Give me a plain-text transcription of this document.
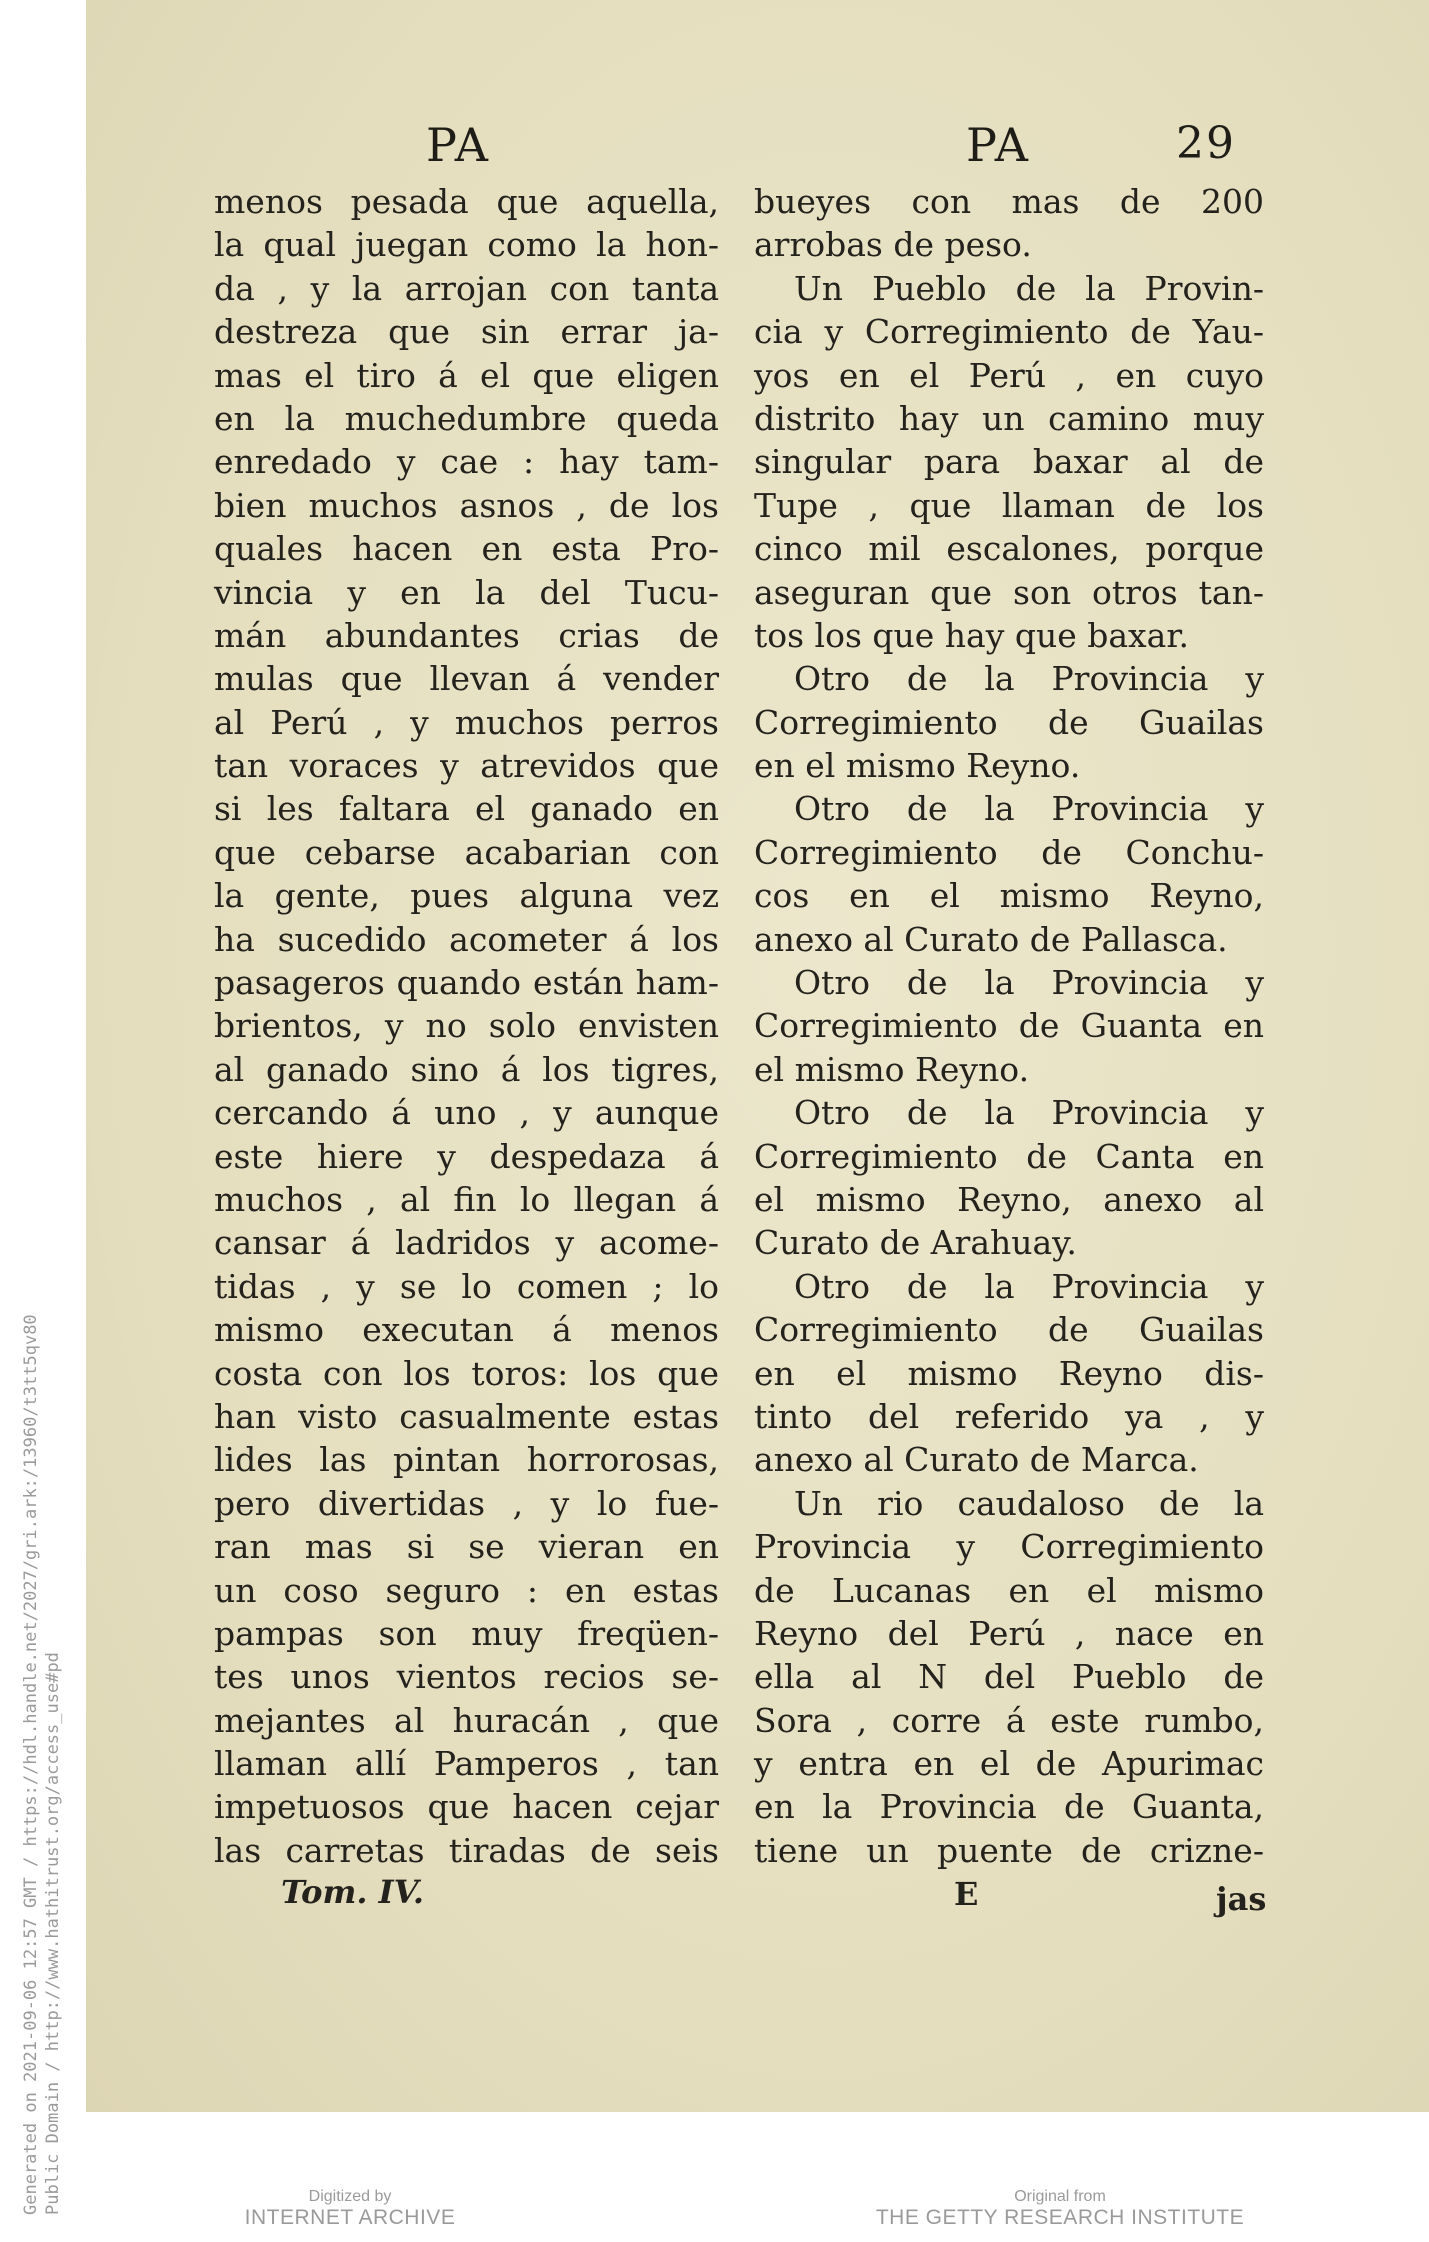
PA	PA	29
menos pesada que aquella,
la qual juegan como la hon-
da , y la arrojan con tanta
destreza que sin errar ja-
mas el tiro á el que eligen
en la muchedumbre queda
enredado y cae : hay tam-
bien muchos asnos , de los
quales hacen en esta Pro-
vincia y en la del Tucu-
mán abundantes crias de
mulas que llevan á vender
al Perú , y muchos perros
tan voraces y atrevidos que
si les faltara el ganado en
que cebarse acabarian con
la gente, pues alguna vez
ha sucedido acometer á los
pasageros quando están ham-
brientos, y no solo envisten
al ganado sino á los tigres,
cercando á uno , y aunque
este hiere y despedaza á
muchos , al fin lo llegan á
cansar á ladridos y acome-
tidas , y se lo comen ; lo
mismo executan á menos
costa con los toros: los que
han visto casualmente estas
lides las pintan horrorosas,
pero divertidas , y lo fue-
ran mas si se vieran en
un coso seguro : en estas
pampas son muy freqüen-
tes unos vientos recios se-
mejantes al huracán , que
llaman allí Pamperos , tan
impetuosos que hacen cejar
las carretas tiradas de seis
bueyes con mas de 200
arrobas de peso.
Un Pueblo de la Provin-
cia y Corregimiento de Yau-
yos en el Perú , en cuyo
distrito hay un camino muy
singular para baxar al de
Tupe , que llaman de los
cinco mil escalones, porque
aseguran que son otros tan-
tos los que hay que baxar.
Otro de la Provincia y
Corregimiento de Guailas
en el mismo Reyno.
Otro de la Provincia y
Corregimiento de Conchu-
cos en el mismo Reyno,
anexo al Curato de Pallasca.
Otro de la Provincia y
Corregimiento de Guanta en
el mismo Reyno.
Otro de la Provincia y
Corregimiento de Canta en
el mismo Reyno, anexo al
Curato de Arahuay.
Otro de la Provincia y
Corregimiento de Guailas
en el mismo Reyno dis-
tinto del referido ya , y
anexo al Curato de Marca.
Un rio caudaloso de la
Provincia y Corregimiento
de Lucanas en el mismo
Reyno del Perú , nace en
ella al N del Pueblo de
Sora , corre á este rumbo,
y entra en el de Apurimac
en la Provincia de Guanta,
tiene un puente de crizne-
Tom. IV.	E	jas
Generated on 2021-09-06 12:57 GMT / https://hdl.handle.net/2027/gri.ark:/13960/t3tt5qv80 Public Domain / http://www.hathitrust.org/access_use#pd	Digitized by
INTERNET ARCHIVE
Original from
THE GETTY RESEARCH INSTITUTE
